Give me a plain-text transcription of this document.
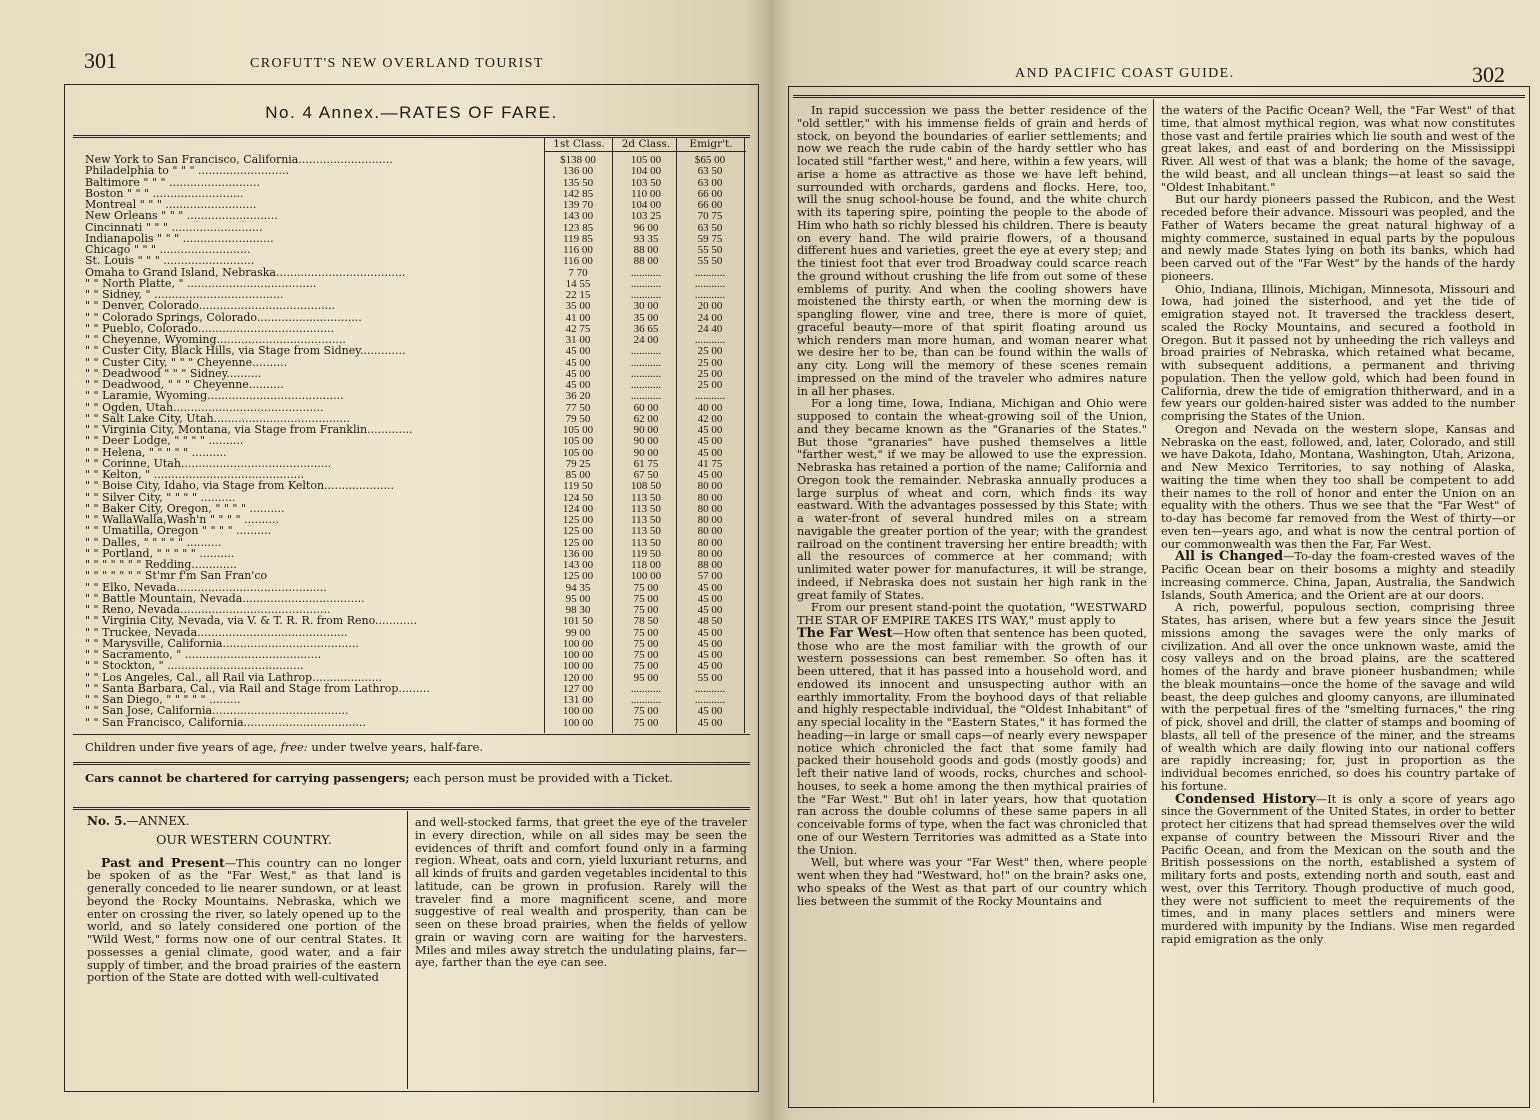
301	CROFUTT'S NEW OVERLAND TOURIST
No. 4 Annex.—RATES OF FARE.
1st Class.	2d Class.	Emigr't.
New York to San Francisco, California...........................	$138 00	105 00	$65 00
Philadelphia to " " " ..........................	136 00	104 00	63 50
Baltimore " " " ..........................	135 50	103 50	63 00
Boston " " " ..........................	142 85	110 00	66 00
Montreal " " " ..........................	139 70	104 00	66 00
New Orleans " " " ..........................	143 00	103 25	70 75
Cincinnati " " " ..........................	123 85	96 00	63 50
Indianapolis " " " ..........................	119 85	93 35	59 75
Chicago " " " ..........................	116 00	88 00	55 50
St. Louis " " " ..........................	116 00	88 00	55 50
Omaha to Grand Island, Nebraska.....................................	7 70	...........	...........
" " North Platte, " .....................................	14 55	...........	...........
" " Sidney, " .....................................	22 15	...........	...........
" " Denver, Colorado.......................................	35 00	30 00	20 00
" " Colorado Springs, Colorado..............................	41 00	35 00	24 00
" " Pueblo, Colorado.......................................	42 75	36 65	24 40
" " Cheyenne, Wyoming.....................................	31 00	24 00	...........
" " Custer City, Black Hills, via Stage from Sidney.............	45 00	...........	25 00
" " Custer City, " " " Cheyenne..........	45 00	...........	25 00
" " Deadwood " " " Sidney..........	45 00	...........	25 00
" " Deadwood, " " " Cheyenne..........	45 00	...........	25 00
" " Laramie, Wyoming.......................................	36 20	...........	...........
" " Ogden, Utah...........................................	77 50	60 00	40 00
" " Salt Lake City, Utah.......................................	79 50	62 00	42 00
" " Virginia City, Montana, via Stage from Franklin.............	105 00	90 00	45 00
" " Deer Lodge, " " " " ..........	105 00	90 00	45 00
" " Helena, " " " " " ..........	105 00	90 00	45 00
" " Corinne, Utah...........................................	79 25	61 75	41 75
" " Kelton, " ...........................................	85 00	67 50	45 00
" " Boise City, Idaho, via Stage from Kelton....................	119 50	108 50	80 00
" " Silver City, " " " " ..........	124 50	113 50	80 00
" " Baker City, Oregon, " " " " ..........	124 00	113 50	80 00
" " WallaWalla,Wash'n " " " " ..........	125 00	113 50	80 00
" " Umatilla, Oregon " " " " ..........	125 00	113 50	80 00
" " Dalles, " " " " " ..........	125 00	113 50	80 00
" " Portland, " " " " " ..........	136 00	119 50	80 00
" " " " " " " Redding.............	143 00	118 00	88 00
" " " " " " " St'mr f'm San Fran'co	125 00	100 00	57 00
" " Elko, Nevada...........................................	94 35	75 00	45 00
" " Battle Mountain, Nevada...................................	95 00	75 00	45 00
" " Reno, Nevada...........................................	98 30	75 00	45 00
" " Virginia City, Nevada, via V. & T. R. R. from Reno............	101 50	78 50	48 50
" " Truckee, Nevada...........................................	99 00	75 00	45 00
" " Marysville, California.......................................	100 00	75 00	45 00
" " Sacramento, " .......................................	100 00	75 00	45 00
" " Stockton, " .......................................	100 00	75 00	45 00
" " Los Angeles, Cal., all Rail via Lathrop....................	120 00	95 00	55 00
" " Santa Barbara, Cal., via Rail and Stage from Lathrop.........	127 00	...........	...........
" " San Diego, " " " " " .........	131 00	...........	...........
" " San Jose, California.......................................	100 00	75 00	45 00
" " San Francisco, California...................................	100 00	75 00	45 00
Children under five years of age, free: under twelve years, half-fare.
Cars cannot be chartered for carrying passengers; each person must be provided with a Ticket.
No. 5.—ANNEX.
OUR WESTERN COUNTRY.

Past and Present—This country can no longer be spoken of as the "Far West," as that land is generally conceded to lie nearer sundown, or at least beyond the Rocky Mountains. Nebraska, which we enter on crossing the river, so lately opened up to the world, and so lately considered one portion of the "Wild West," forms now one of our central States. It possesses a genial climate, good water, and a fair supply of timber, and the broad prairies of the eastern portion of the State are dotted with well-cultivated

and well-stocked farms, that greet the eye of the traveler in every direction, while on all sides may be seen the evidences of thrift and comfort found only in a farming region. Wheat, oats and corn, yield luxuriant returns, and all kinds of fruits and garden vegetables incidental to this latitude, can be grown in profusion. Rarely will the traveler find a more magnificent scene, and more suggestive of real wealth and prosperity, than can be seen on these broad prairies, when the fields of yellow grain or waving corn are waiting for the harvesters. Miles and miles away stretch the undulating plains, far—aye, farther than the eye can see.

AND PACIFIC COAST GUIDE.	302

In rapid succession we pass the better residence of the "old settler," with his immense fields of grain and herds of stock, on beyond the boundaries of earlier settlements; and now we reach the rude cabin of the hardy settler who has located still "farther west," and here, within a few years, will arise a home as attractive as those we have left behind, surrounded with orchards, gardens and flocks. Here, too, will the snug school-house be found, and the white church with its tapering spire, pointing the people to the abode of Him who hath so richly blessed his children. There is beauty on every hand. The wild prairie flowers, of a thousand different hues and varieties, greet the eye at every step; and the tiniest foot that ever trod Broadway could scarce reach the ground without crushing the life from out some of these emblems of purity. And when the cooling showers have moistened the thirsty earth, or when the morning dew is spangling flower, vine and tree, there is more of quiet, graceful beauty—more of that spirit floating around us which renders man more human, and woman nearer what we desire her to be, than can be found within the walls of any city. Long will the memory of these scenes remain impressed on the mind of the traveler who admires nature in all her phases.

For a long time, Iowa, Indiana, Michigan and Ohio were supposed to contain the wheat-growing soil of the Union, and they became known as the "Granaries of the States." But those "granaries" have pushed themselves a little "farther west," if we may be allowed to use the expression. Nebraska has retained a portion of the name; California and Oregon took the remainder. Nebraska annually produces a large surplus of wheat and corn, which finds its way eastward. With the advantages possessed by this State; with a water-front of several hundred miles on a stream navigable the greater portion of the year; with the grandest railroad on the continent traversing her entire breadth; with all the resources of commerce at her command; with unlimited water power for manufactures, it will be strange, indeed, if Nebraska does not sustain her high rank in the great family of States.

From our present stand-point the quotation, "WESTWARD THE STAR OF EMPIRE TAKES ITS WAY," must apply to

The Far West—How often that sentence has been quoted, those who are the most familiar with the growth of our western possessions can best remember. So often has it been uttered, that it has passed into a household word, and endowed its innocent and unsuspecting author with an earthly immortality. From the boyhood days of that reliable and highly respectable individual, the "Oldest Inhabitant" of any special locality in the "Eastern States," it has formed the heading—in large or small caps—of nearly every newspaper notice which chronicled the fact that some family had packed their household goods and gods (mostly goods) and left their native land of woods, rocks, churches and school-houses, to seek a home among the then mythical prairies of the "Far West." But oh! in later years, how that quotation ran across the double columns of these same papers in all conceivable forms of type, when the fact was chronicled that one of our Western Territories was admitted as a State into the Union.

Well, but where was your "Far West" then, where people went when they had "Westward, ho!" on the brain? asks one, who speaks of the West as that part of our country which lies between the summit of the Rocky Mountains and

the waters of the Pacific Ocean? Well, the "Far West" of that time, that almost mythical region, was what now constitutes those vast and fertile prairies which lie south and west of the great lakes, and east of and bordering on the Mississippi River. All west of that was a blank; the home of the savage, the wild beast, and all unclean things—at least so said the "Oldest Inhabitant."

But our hardy pioneers passed the Rubicon, and the West receded before their advance. Missouri was peopled, and the Father of Waters became the great natural highway of a mighty commerce, sustained in equal parts by the populous and newly made States lying on both its banks, which had been carved out of the "Far West" by the hands of the hardy pioneers.

Ohio, Indiana, Illinois, Michigan, Minnesota, Missouri and Iowa, had joined the sisterhood, and yet the tide of emigration stayed not. It traversed the trackless desert, scaled the Rocky Mountains, and secured a foothold in Oregon. But it passed not by unheeding the rich valleys and broad prairies of Nebraska, which retained what became, with subsequent additions, a permanent and thriving population. Then the yellow gold, which had been found in California, drew the tide of emigration thitherward, and in a few years our golden-haired sister was added to the number comprising the States of the Union.

Oregon and Nevada on the western slope, Kansas and Nebraska on the east, followed, and, later, Colorado, and still we have Dakota, Idaho, Montana, Washington, Utah, Arizona, and New Mexico Territories, to say nothing of Alaska, waiting the time when they too shall be competent to add their names to the roll of honor and enter the Union on an equality with the others. Thus we see that the "Far West" of to-day has become far removed from the West of thirty—or even ten—years ago, and what is now the central portion of our commonwealth was then the Far, Far West.

All is Changed—To-day the foam-crested waves of the Pacific Ocean bear on their bosoms a mighty and steadily increasing commerce. China, Japan, Australia, the Sandwich Islands, South America, and the Orient are at our doors.

A rich, powerful, populous section, comprising three States, has arisen, where but a few years since the Jesuit missions among the savages were the only marks of civilization. And all over the once unknown waste, amid the cosy valleys and on the broad plains, are the scattered homes of the hardy and brave pioneer husbandmen; while the bleak mountains—once the home of the savage and wild beast, the deep gulches and gloomy canyons, are illuminated with the perpetual fires of the "smelting furnaces," the ring of pick, shovel and drill, the clatter of stamps and booming of blasts, all tell of the presence of the miner, and the streams of wealth which are daily flowing into our national coffers are rapidly increasing; for, just in proportion as the individual becomes enriched, so does his country partake of his fortune.

Condensed History—It is only a score of years ago since the Government of the United States, in order to better protect her citizens that had spread themselves over the wild expanse of country between the Missouri River and the Pacific Ocean, and from the Mexican on the south and the British possessions on the north, established a system of military forts and posts, extending north and south, east and west, over this Territory. Though productive of much good, they were not sufficient to meet the requirements of the times, and in many places settlers and miners were murdered with impunity by the Indians. Wise men regarded rapid emigration as the only
